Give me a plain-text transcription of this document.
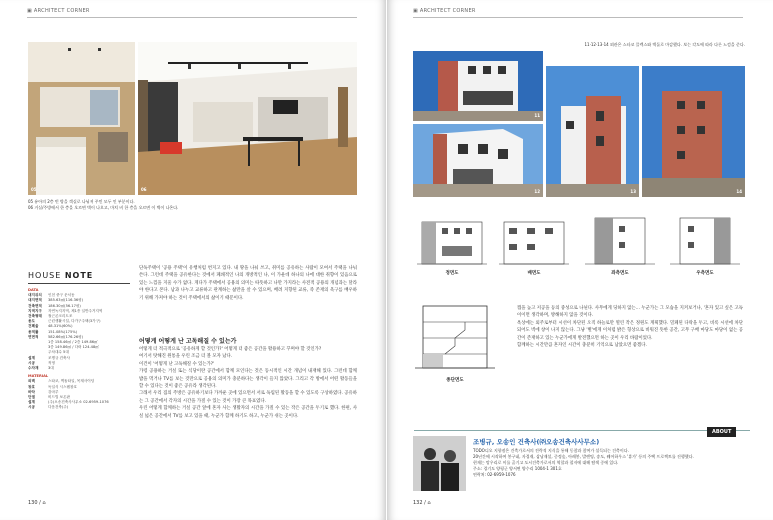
▣ ARCHITECT CORNER
05	06
05 유아의 2층 빈 방을 객실로 나눠져 꾸민 모두 인 부분이다.
06 거실/주방에서 한 층을 오르면 벽이 나오고, 마치 비 한 층을 오르면 이 벽이 나온다.
HOUSE NOTE
DATA
대지위치 인천 중구 운서동
대지면적 385.63㎡(116.36평)
건축면적 186.30㎡(56.17평)
지역지구 자연녹지지역, 제1종 일반주거지역
건축형태 철근콘크리트조
용도	근린생활시설, 다가구주택(3가구)
건폐율	48.31%(60%)
용적률	151.08%(175%)
연면적	582.66㎡(176.26평)
1층 158.46㎡ / 2층 149.86㎡
3층 149.86㎡ / 다락 124.48㎡
주차대수 5대
설계	조병규 건축사
시공	직영
수자재	3대
MATERIAL
외벽	스타코, 벽돌타일, 목재사이딩
창호	독일식 시스템창호
바닥	강마루
단열	비드법 보온판
설계	(주)오송건축사사무소 02-6959-1076
시공	다음건축(주)
단독주택이 '공용 주택'이 유행처럼 번지고 있다. 내 땅을 나눠 쓰고, 취미를 공유하는 사람이 모여서 주택을 나눠 쓴다. 그런데 주택을 공유한다는 것에서 폐쇄적인 나의 개방적인 나, 이 가운데 하나의 나에 대한 취향이 있음으로 있는 느낌을 지울 수가 없다. 게다가 주택에서 공용의 의미는 따뜻하고 나만 가지라는 사전적 공용의 개념과는 달라야 한다고 본다. 남과 나누고 교류하고 관계하는 삶만을 살 수 있으며, 배려 지향된 교류, 즉 존재의 욕구를 배우하기 위해 가져야 하는 것이 주택에서의 삶이기 때문이다.
어떻게 어떻게 난 고독해질 수 있는가
어떻게 더 적극적으로 '공유하게 할 것인가?' 어떻게 더 좋은 공간을 활용하고 꾸며야 할 것인가?
여기서 탓해진 원통을 우린 조금 더 볼 모자 났다.
이건이 '어떻게 난 고독해질 수 있는가?'
가령 공용하는 거실 또는 식당이란 공간에서 함께 모인다는 것은 동시적인 시간 개념이 내재해 있다. 그런데 함께 밥을 먹거나 TV를 보는 것만으로 공용의 의미가 충분하다는 생각이 들지 않았다. 그리고 각 방에서 어떤 활동들을 할 수 있다는 것이 좋은 공유라 생각된다.
그래서 우리 집의 주방은 공유하기보다 가까운 곳에 있으면서 서로 독립된 활동을 할 수 있도록 구상하였다. 공유하는 그 공간에서 각자의 시간을 가질 수 있는 것이 가장 큰 목표였다.
우린 어떻게 함께하는 거실 공간 앞에 혼자 사는 생활자의 시간을 가질 수 있는 작은 공간을 두기로 했다. 한편, 사실 넓은 공간에서 TV를 보고 있을 때, 누군가 함께 하기도 하고, 누군가 쉬는 곳이다.
130 / ⌂
▣ ARCHITECT CORNER
11·12·13·14 외관은 스타코 플렉스와 벽돌로 마감했다. 보는 각도에 따라 다른 느낌을 준다.
11
12	13	14
정면도	배면도	좌측면도	우측면도
종단면도
캡을 높고 저공을 등의 중성으로 나뉜다. 사무에게 딩하지 않는... 누군가는 그 모습을 지켜보거나, '혼자 있고 싶은 고독이이면 생각하며, 방해하지 않을 것이다.
옥상에는 외주로부터 시선이 차단된 오직 하늘로만 열린 작은 정원도 계획했다. 밀폐된 다락을 두고, 비록 시선에 차단되어도 벽에 창이 나지 않는다. 그냥 '별'에게 이처럼 밝은 형상으로 비워진 뜻한 공간, 고무 구배 마당도 마당이 없는 공간이 존재하고 있는 누군가에게 발전했으면 하는 곳이 우리 바람이었다.
함께하는 시간만큼 혼자인 시간이 충분히 기억으로 남았으면 좋겠다.
ABOUT
조병규, 오송인 건축사(㈜오송건축사사무소)
TODO디오 지향점은 건축가로서의 전략적 지식을 통해 동참과 참여가 설득되는 건축이다.
20년간에 시작하여 봉구네, 자경재, 삼남재설, 중정숲, 아레봉, 발렌팅, 송도, 웨어하우스 '휴가' 등의 주택 프로젝트를 진행했다.
현재는 망우리로 이를 골기고 도시건축가로서의 역할과 철저에 대해 탐색 중에 있다.
주소: 경기도 양평군 양서면 양수리 1004-1 301호
연락처: 02-6959-1076
132 / ⌂
